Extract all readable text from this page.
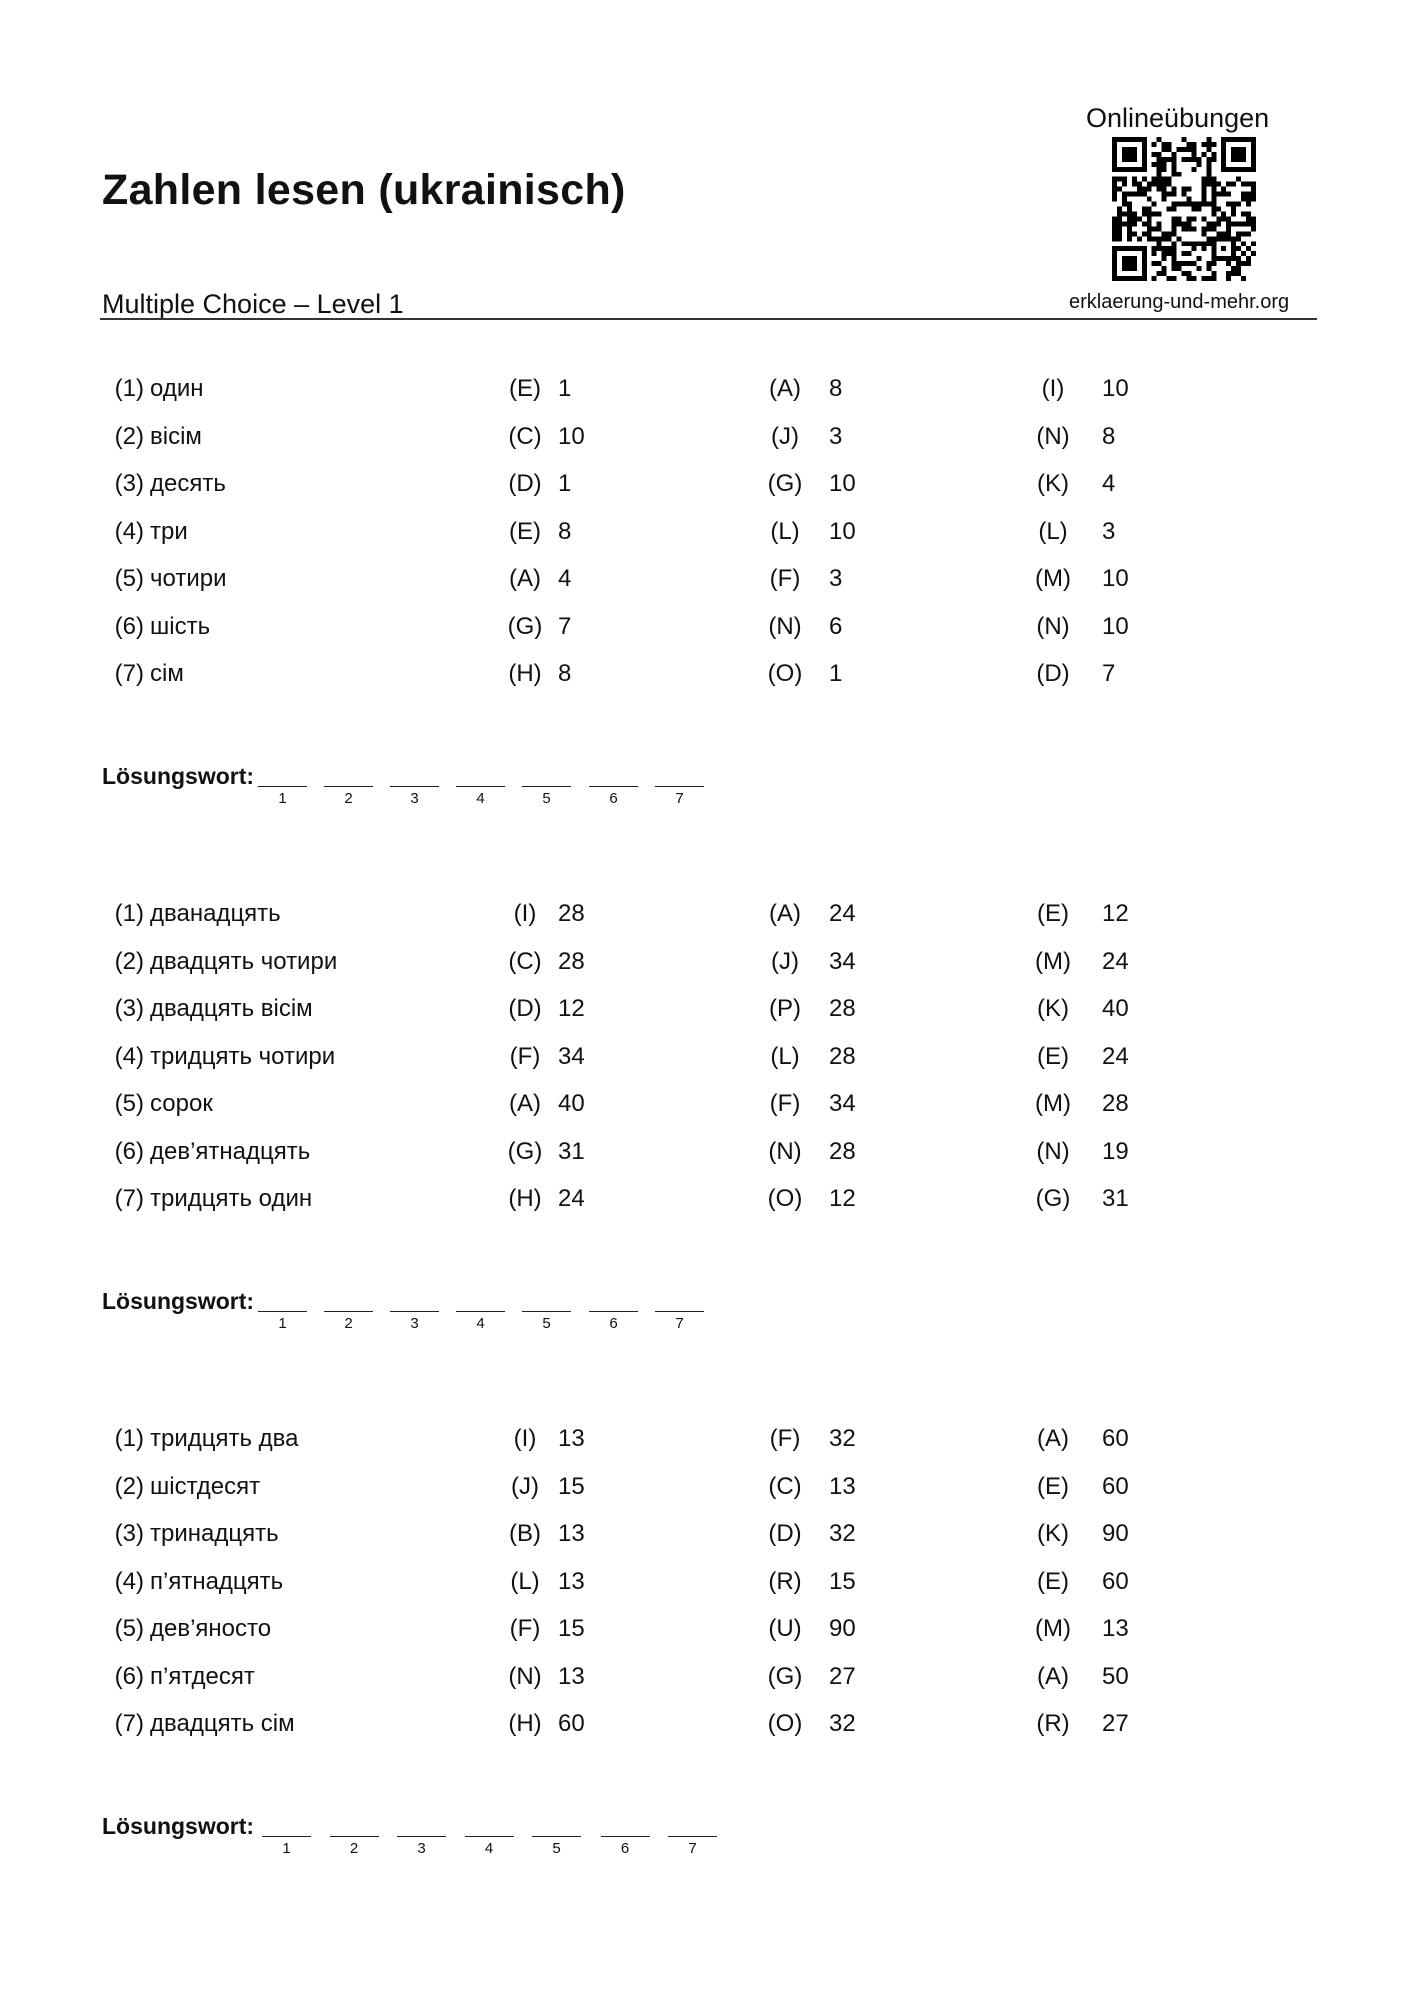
Zahlen lesen (ukrainisch)
Multiple Choice – Level 1
Onlineübungen
erklaerung-und-mehr.org
(1) один	(E) 1	(A)	8	(I)	10
(2) вісім	(C) 10	(J)	3	(N)	8
(3) десять	(D) 1	(G)	10	(K)	4
(4) три	(E) 8	(L)	10	(L)	3
(5) чотири	(A) 4	(F)	3	(M)	10
(6) шість	(G) 7	(N)	6	(N)	10
(7) сім	(H) 8	(O)	1	(D)	7
Lösungswort:
1	2	3	4	5	6	7
(1) дванадцять	(I) 28	(A)	24	(E)	12
(2) двадцять чотири	(C) 28	(J)	34	(M)	24
(3) двадцять вісім	(D) 12	(P)	28	(K)	40
(4) тридцять чотири	(F) 34	(L)	28	(E)	24
(5) сорок	(A) 40	(F)	34	(M)	28
(6) дев’ятнадцять	(G) 31	(N)	28	(N)	19
(7) тридцять один	(H) 24	(O)	12	(G)	31
Lösungswort:
1	2	3	4	5	6	7
(1) тридцять два	(I) 13	(F)	32	(A)	60
(2) шістдесят	(J) 15	(C)	13	(E)	60
(3) тринадцять	(B) 13	(D)	32	(K)	90
(4) п’ятнадцять	(L) 13	(R)	15	(E)	60
(5) дев’яносто	(F) 15	(U)	90	(M)	13
(6) п’ятдесят	(N) 13	(G)	27	(A)	50
(7) двадцять сім	(H) 60	(O)	32	(R)	27
Lösungswort:
1	2	3	4	5	6	7
